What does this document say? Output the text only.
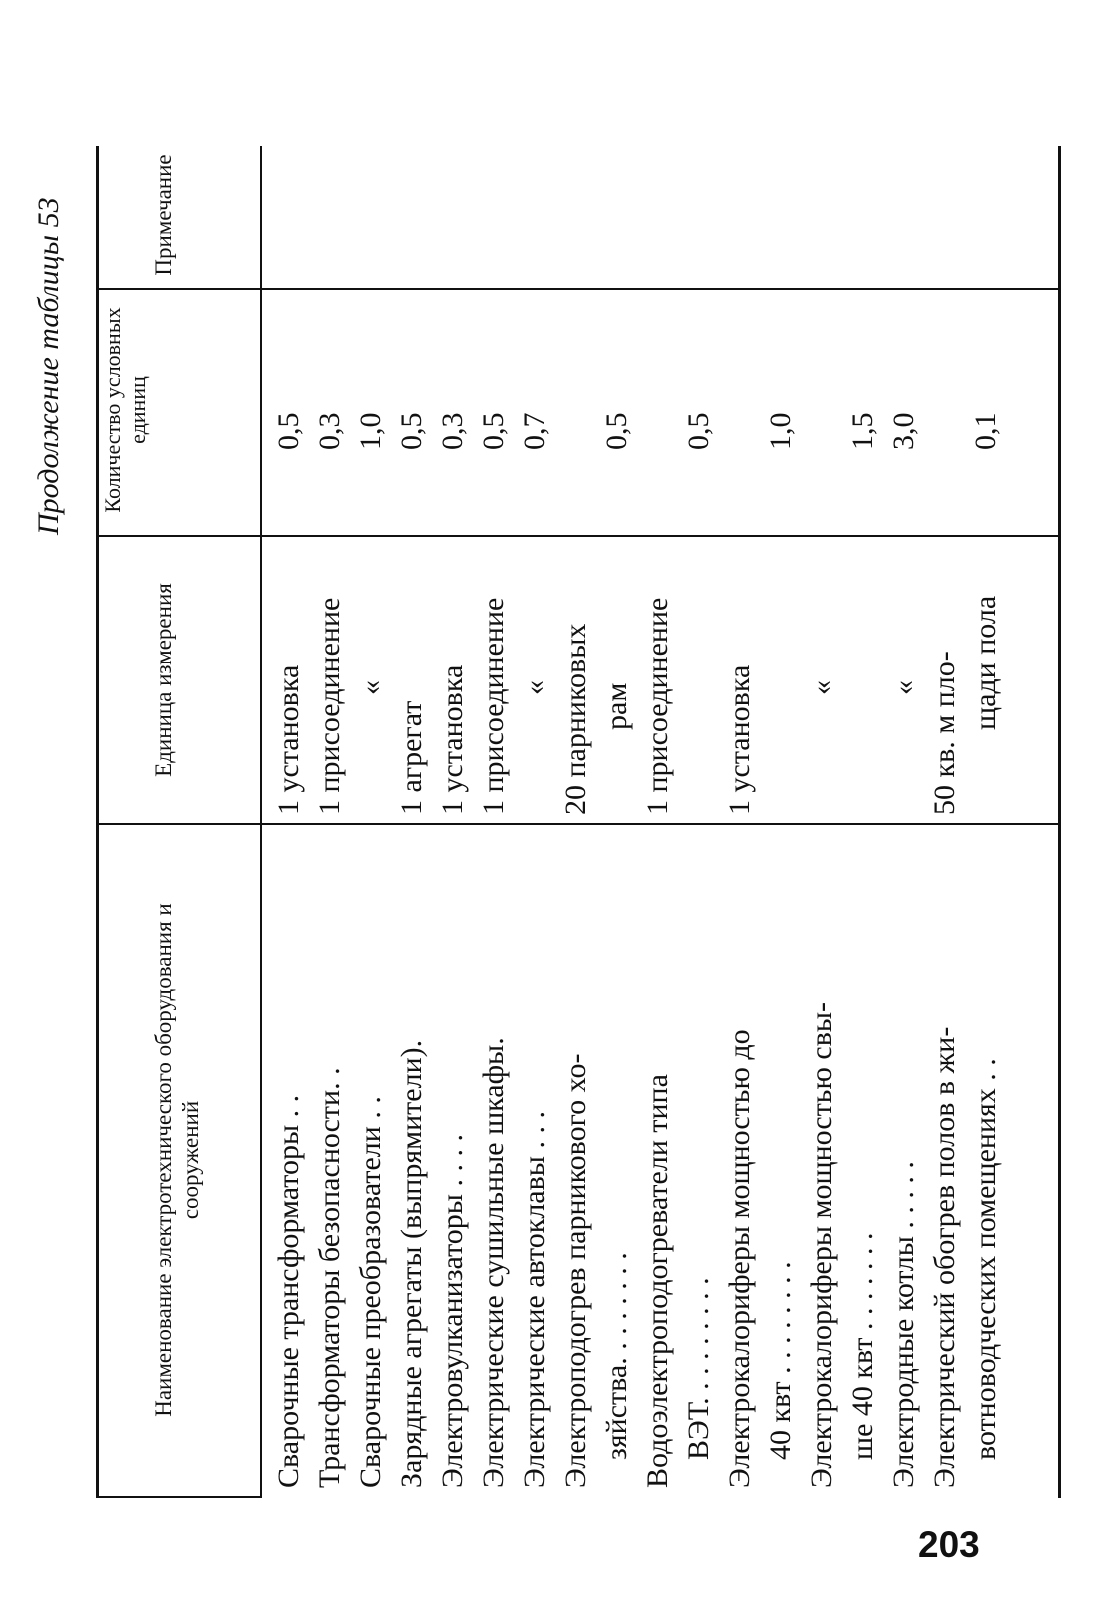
Продолжение таблицы 53
Наименование электротехнического оборудования и сооружений
Единица измерения
Количество условных единиц
Примечание
Сварочные трансформаторы . .
1 установка
0,5
Трансформаторы безопасности. .
1 присоединение
0,3
Сварочные преобразователи . .
«
1,0
Зарядные агрегаты (выпрямители).
1 агрегат
0,5
Электровулканизаторы . . . .
1 установка
0,3
Электрические сушильные шкафы.
1 присоединение
0,5
Электрические автоклавы . . .
«
0,7
Электроподогрев парникового хо- зяйства. . . . . . . .
20 парниковых рам
0,5
Водоэлектроподогреватели типа ВЭТ. . . . . . . . .
1 присоединение
0,5
Электрокалориферы мощностью до 40 квт . . . . . . . .
1 установка
1,0
Электрокалориферы мощностью свы- ше 40 квт . . . . . . .
«
1,5
Электродные котлы . . . . .
«
3,0
Электрический обогрев полов в жи- вотноводческих помещениях . .
50 кв. м пло- щади пола
0,1
203
